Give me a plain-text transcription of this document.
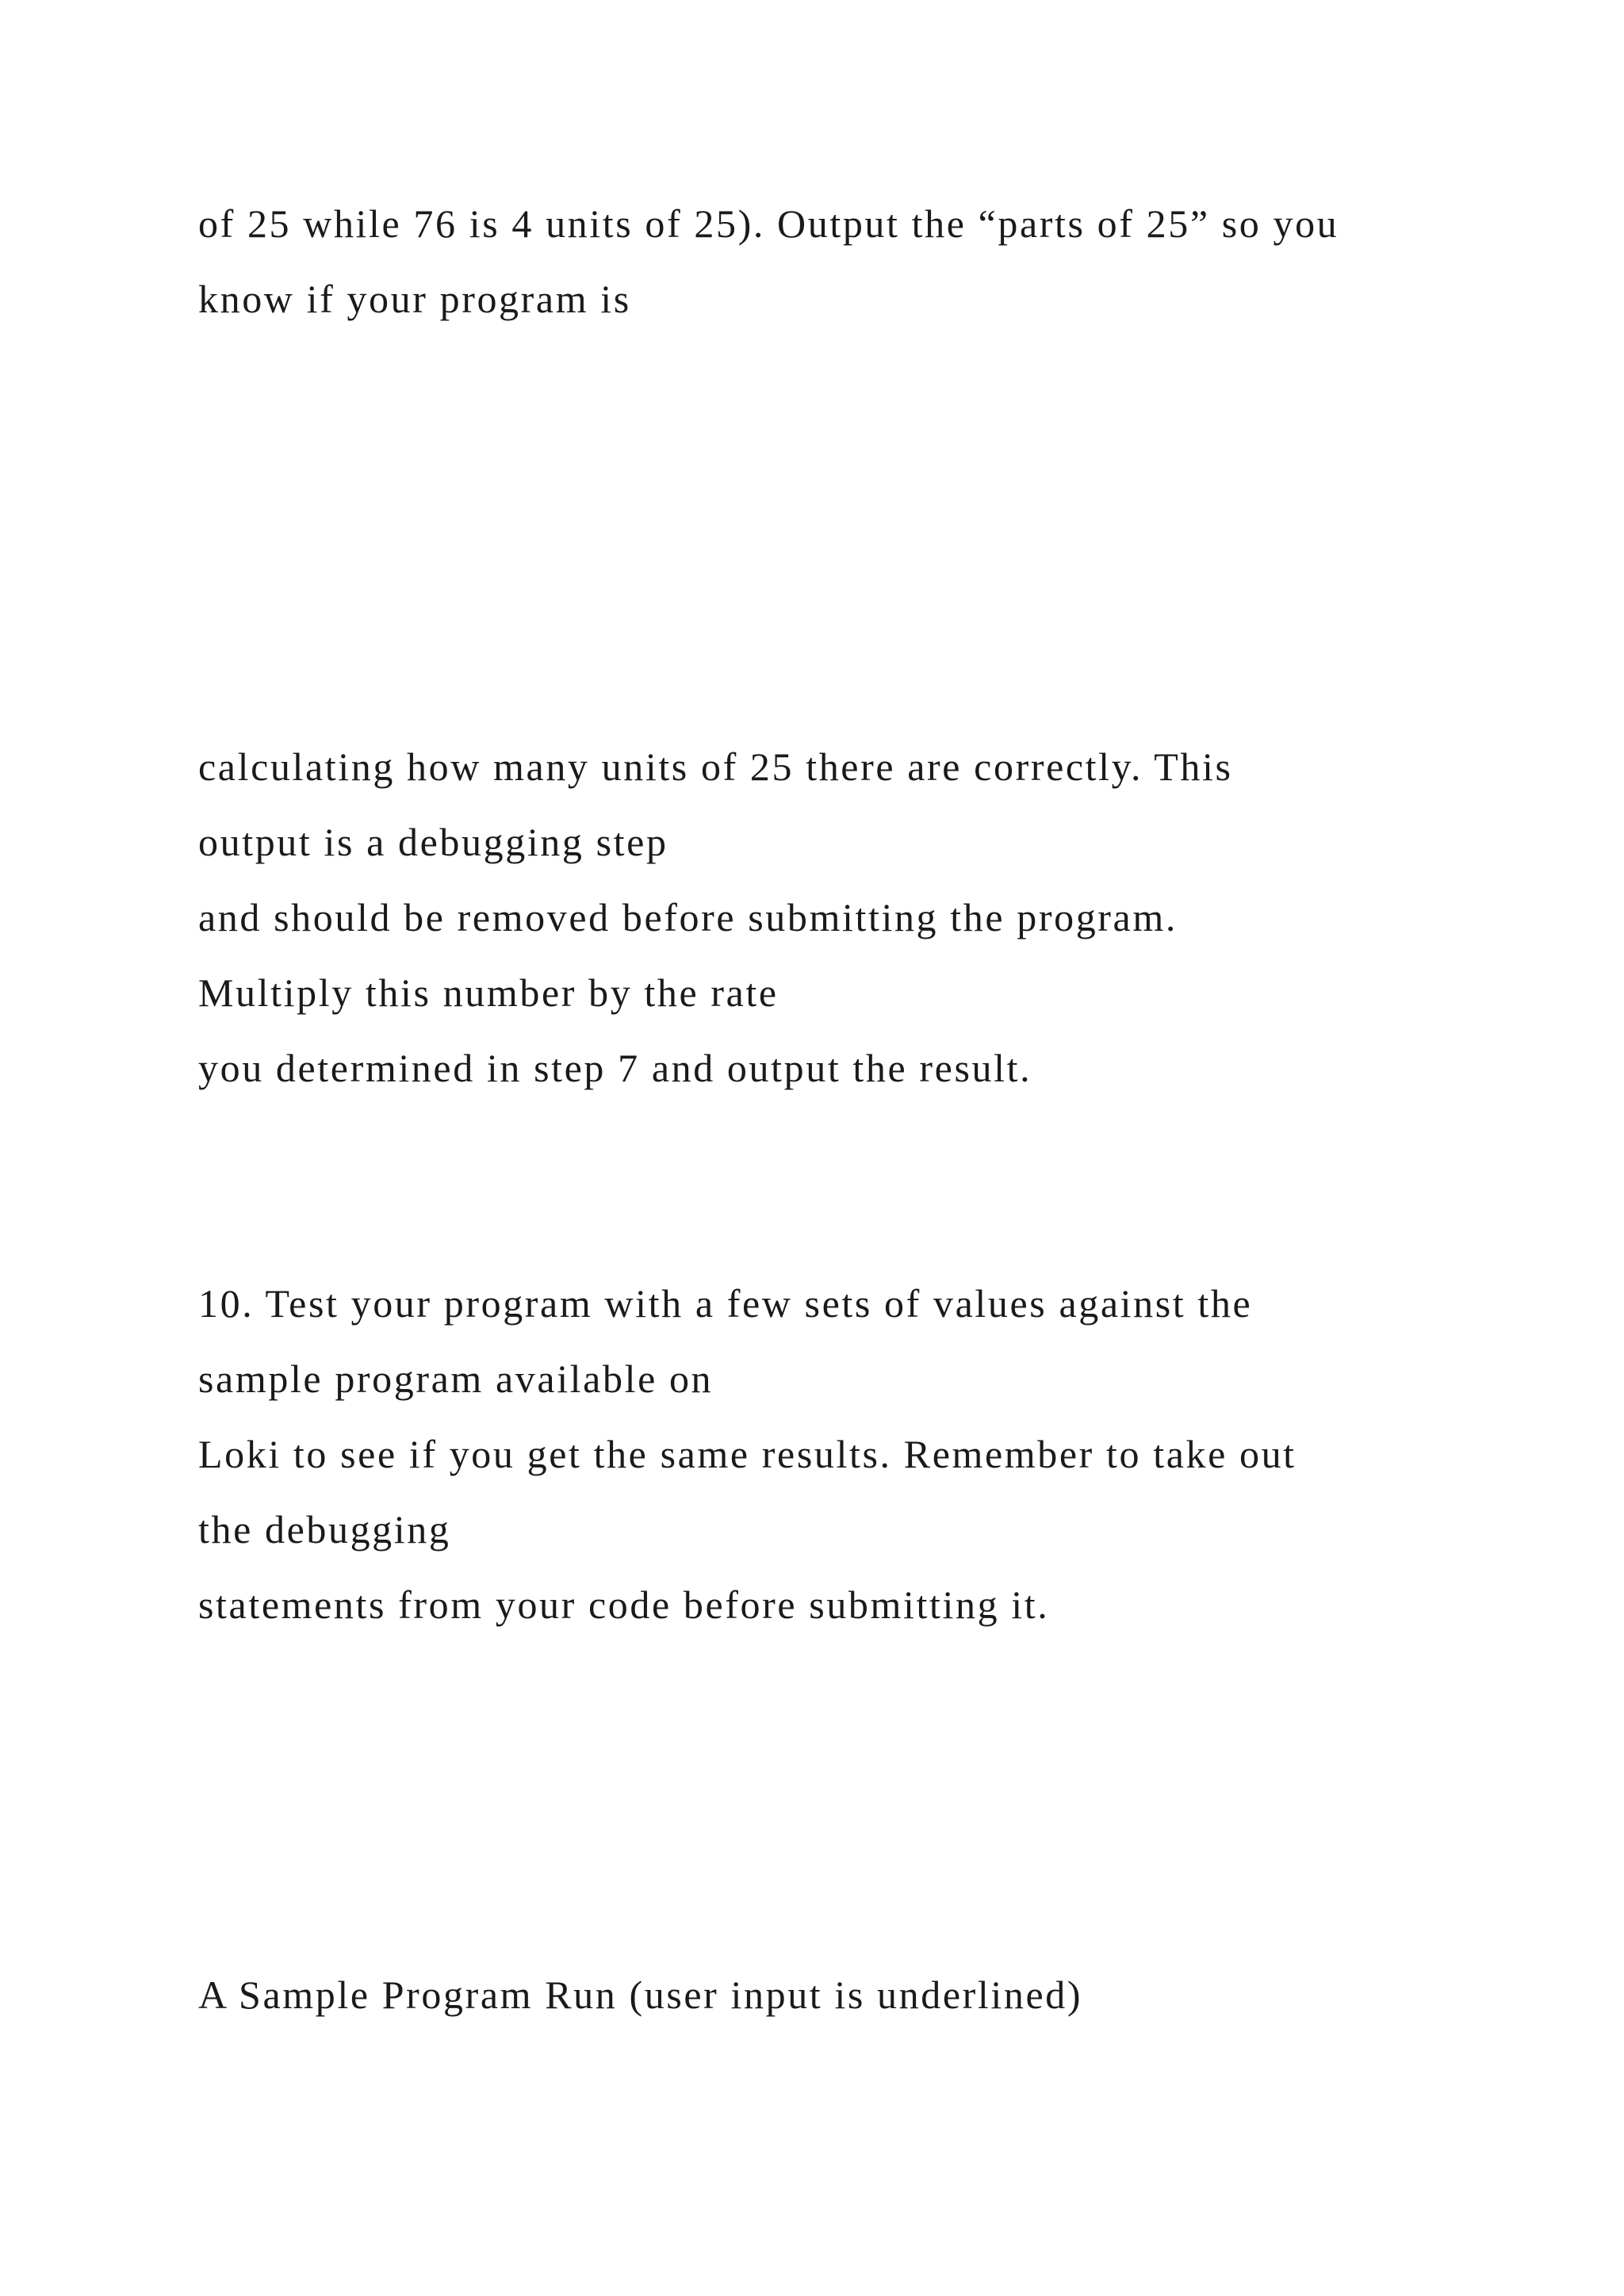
of 25 while 76 is 4 units of 25). Output the “parts of 25” so you

know if your program is

calculating how many units of 25 there are correctly. This

output is a debugging step

and should be removed before submitting the program.

Multiply this number by the rate

you determined in step 7 and output the result.

10. Test your program with a few sets of values against the

sample program available on

Loki to see if you get the same results. Remember to take out

the debugging

statements from your code before submitting it.

A Sample Program Run (user input is underlined)
